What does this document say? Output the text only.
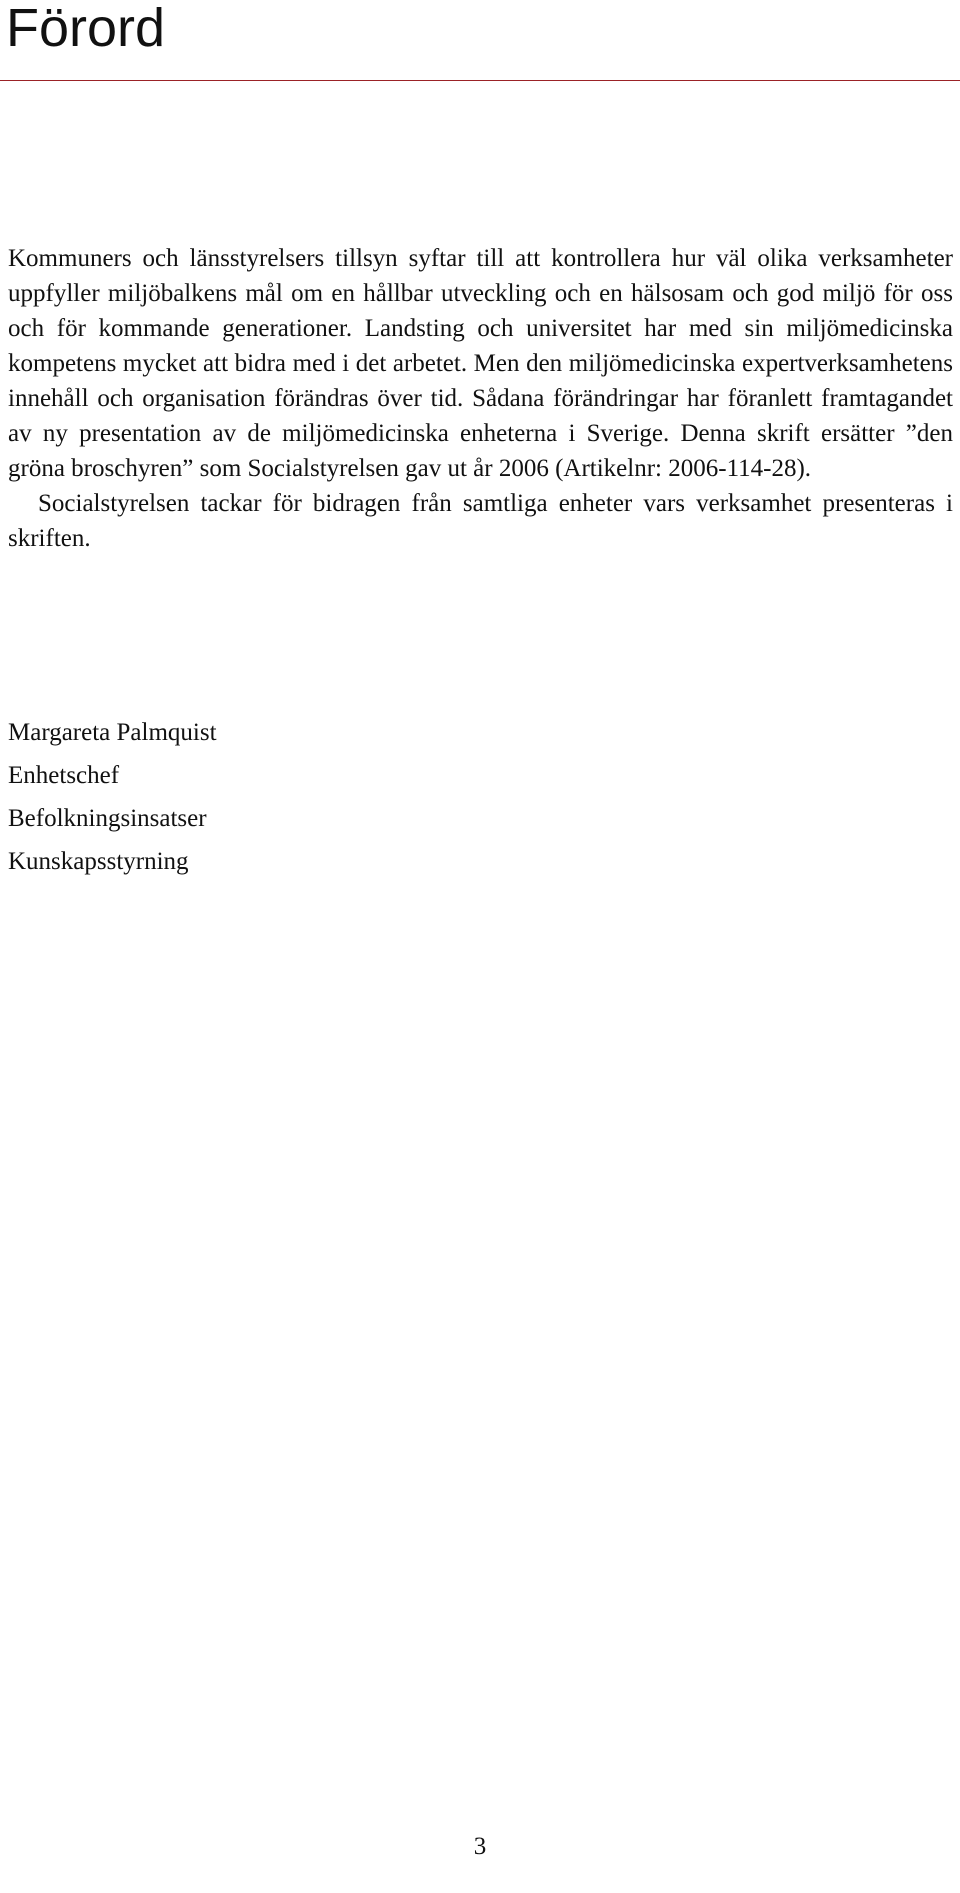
Förord

Kommuners och länsstyrelsers tillsyn syftar till att kontrollera hur väl olika verksamheter uppfyller miljöbalkens mål om en hållbar utveckling och en hälsosam och god miljö för oss och för kommande generationer. Landsting och universitet har med sin miljömedicinska kompetens mycket att bidra med i det arbetet. Men den miljömedicinska expertverksamhetens innehåll och organisation förändras över tid. Sådana förändringar har föranlett framtagandet av ny presentation av de miljömedicinska enheterna i Sverige. Denna skrift ersätter ”den gröna broschyren” som Socialstyrelsen gav ut år 2006 (Artikelnr: 2006-114-28).

Socialstyrelsen tackar för bidragen från samtliga enheter vars verksamhet presenteras i skriften.

Margareta Palmquist
Enhetschef
Befolkningsinsatser
Kunskapsstyrning
3
